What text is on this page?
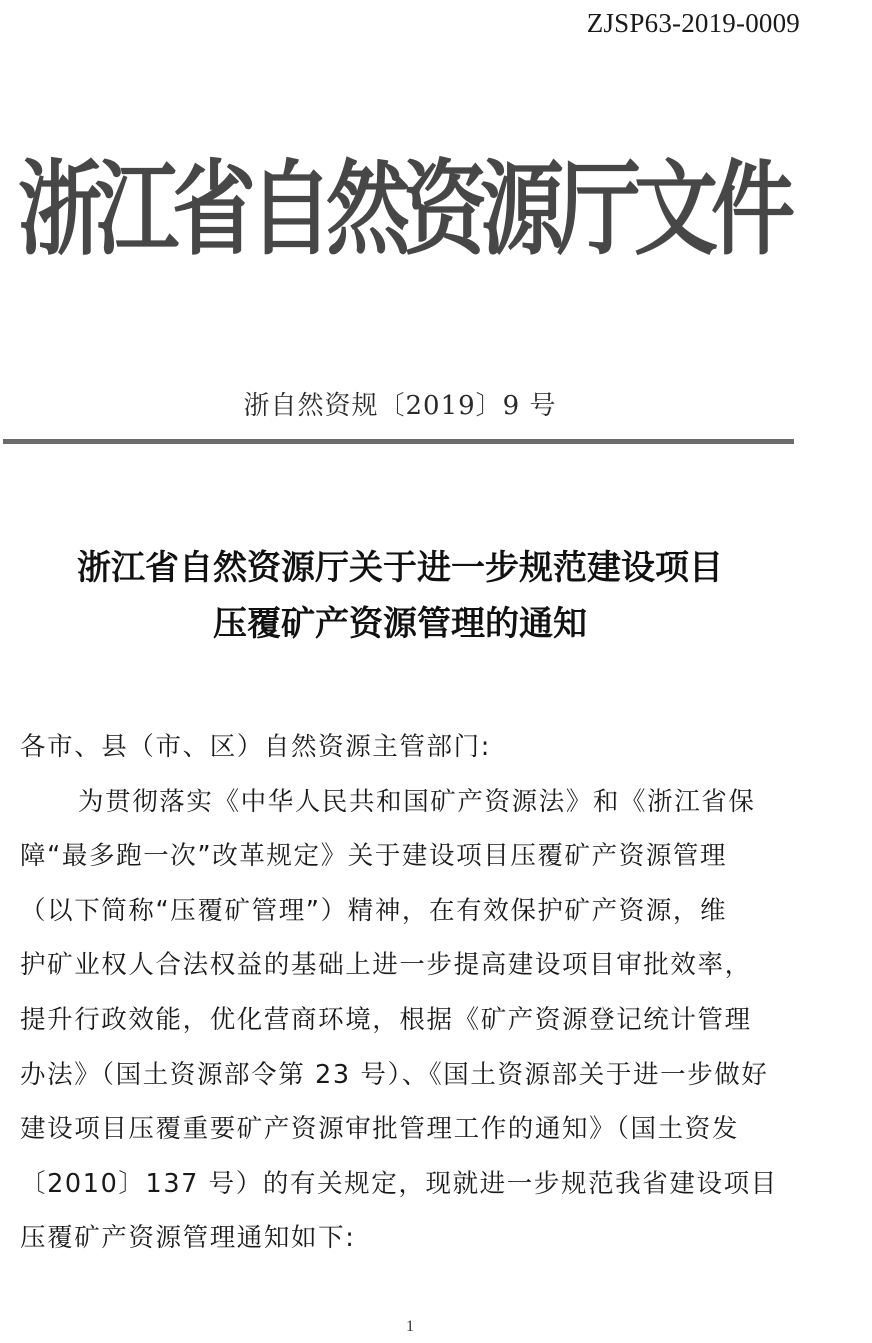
ZJSP63-2019-0009
浙江省自然资源厅文件
浙自然资规〔2019〕9 号
浙江省自然资源厅关于进一步规范建设项目
压覆矿产资源管理的通知
各市、县（市、区）自然资源主管部门:
为贯彻落实《中华人民共和国矿产资源法》和《浙江省保
障“最多跑一次”改革规定》关于建设项目压覆矿产资源管理
（以下简称“压覆矿管理”）精神，在有效保护矿产资源，维
护矿业权人合法权益的基础上进一步提高建设项目审批效率，
提升行政效能，优化营商环境，根据《矿产资源登记统计管理
办法》（国土资源部令第 23 号）、《国土资源部关于进一步做好
建设项目压覆重要矿产资源审批管理工作的通知》（国土资发
〔2010〕137 号）的有关规定，现就进一步规范我省建设项目
压覆矿产资源管理通知如下:
1
